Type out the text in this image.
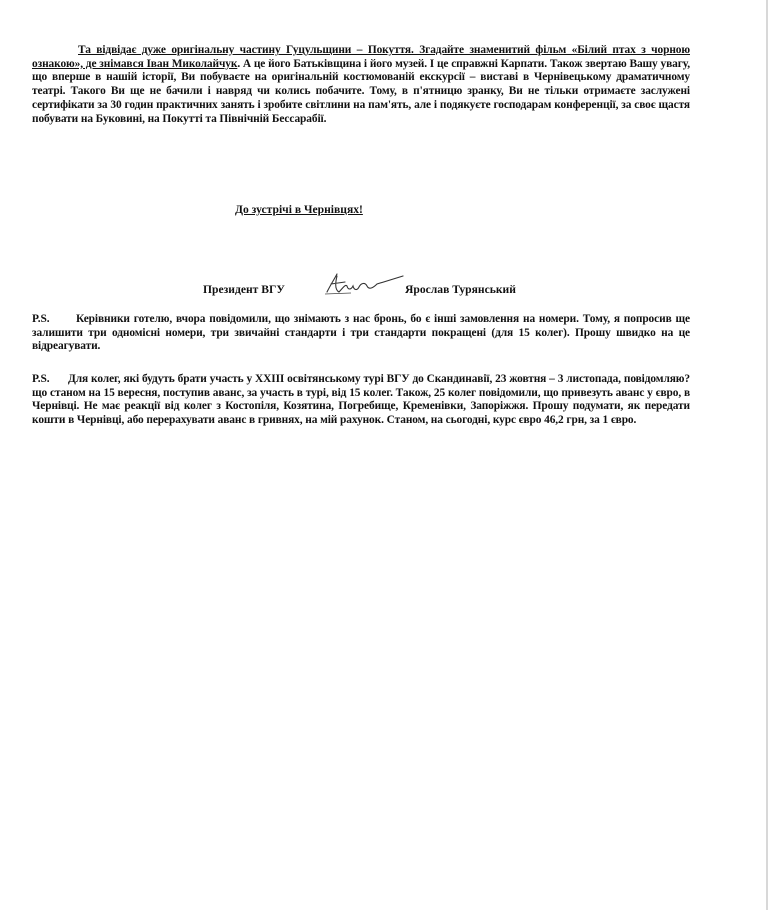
Та відвідає дуже оригінальну частину Гуцульщини – Покуття. Згадайте знаменитий фільм «Білий птах з чорною ознакою», де знімався Іван Миколайчук. А це його Батьківщина і його музей. І це справжні Карпати. Також звертаю Вашу увагу, що вперше в нашій історії, Ви побуваєте на оригінальній костюмованій екскурсії – виставі в Чернівецькому драматичному театрі. Такого Ви ще не бачили і навряд чи колись побачите. Тому, в п'ятницю зранку, Ви не тільки отримаєте заслужені сертифікати за 30 годин практичних занять і зробите світлини на пам'ять, але і подякуєте господарам конференції, за своє щастя побувати на Буковині, на Покутті та Північній Бессарабії.
До зустрічі в Чернівцях!
Президент ВГУ	Ярослав Турянський
P.S. Керівники готелю, вчора повідомили, що знімають з нас бронь, бо є інші замовлення на номери. Тому, я попросив ще залишити три одномісні номери, три звичайні стандарти і три стандарти покращені (для 15 колег). Прошу швидко на це відреагувати.
P.S. Для колег, які будуть брати участь у ХХІІІ освітянському турі ВГУ до Скандинавії, 23 жовтня – 3 листопада, повідомляю? що станом на 15 вересня, поступив аванс, за участь в турі, від 15 колег. Також, 25 колег повідомили, що привезуть аванс у євро, в Чернівці. Не має реакції від колег з Костопіля, Козятина, Погребище, Кременівки, Запоріжжя. Прошу подумати, як передати кошти в Чернівці, або перерахувати аванс в гривнях, на мій рахунок. Станом, на сьогодні, курс євро 46,2 грн, за 1 євро.
